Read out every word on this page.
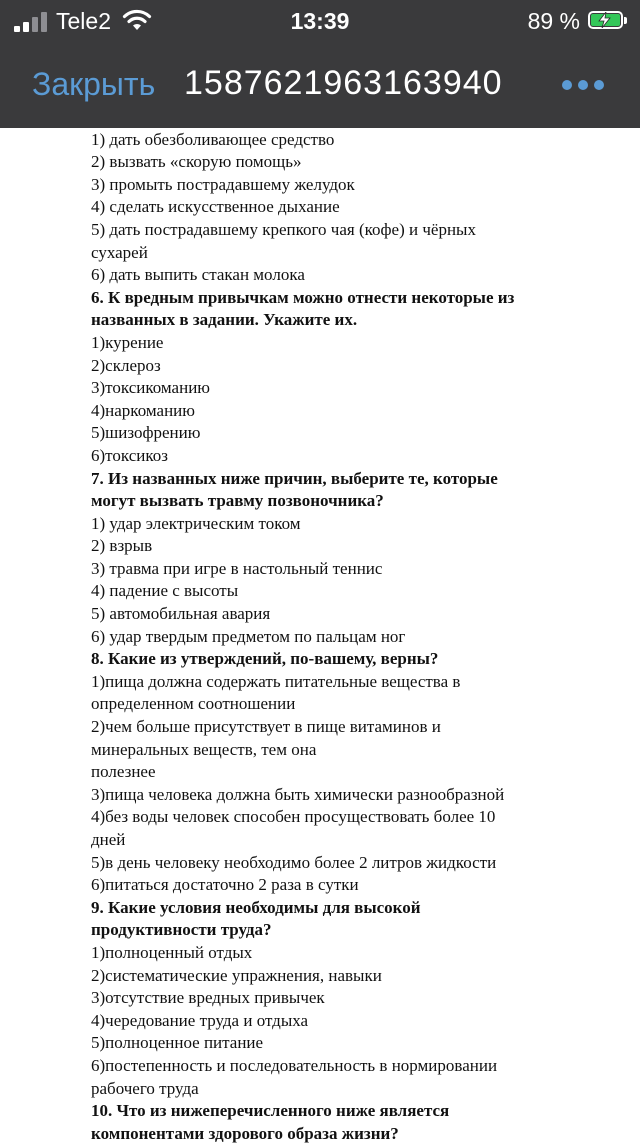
1) дать обезболивающее средство
2) вызвать «скорую помощь»
3) промыть пострадавшему желудок
4) сделать искусственное дыхание
5) дать пострадавшему крепкого чая (кофе) и чёрных
сухарей
6) дать выпить стакан молока
6. К вредным привычкам можно отнести некоторые из
названных в задании. Укажите их.
1)курение
2)склероз
3)токсикоманию
4)наркоманию
5)шизофрению
6)токсикоз
7. Из названных ниже причин, выберите те, которые
могут вызвать травму позвоночника?
1) удар электрическим током
2) взрыв
3) травма при игре в настольный теннис
4) падение с высоты
5) автомобильная авария
6) удар твердым предметом по пальцам ног
8. Какие из утверждений, по-вашему, верны?
1)пища должна содержать питательные вещества в
определенном соотношении
2)чем больше присутствует в пище витаминов и
минеральных веществ, тем она
полезнее
3)пища человека должна быть химически разнообразной
4)без воды человек способен просуществовать более 10
дней
5)в день человеку необходимо более 2 литров жидкости
6)питаться достаточно 2 раза в сутки
9. Какие условия необходимы для высокой
продуктивности труда?
1)полноценный отдых
2)систематические упражнения, навыки
3)отсутствие вредных привычек
4)чередование труда и отдыха
5)полноценное питание
6)постепенность и последовательность в нормировании
рабочего труда
10. Что из нижеперечисленного ниже является
компонентами здорового образа жизни?
Tele2	13:39	89 %
Закрыть 1587621963163940
